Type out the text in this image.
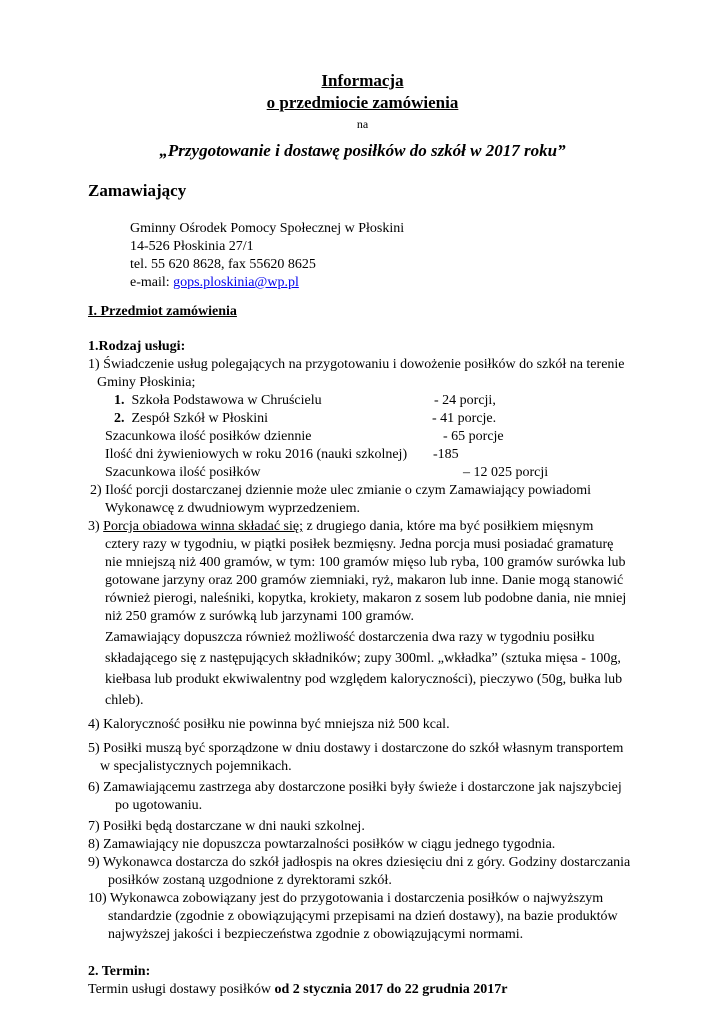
Informacja
o przedmiocie zamówienia
na
„Przygotowanie i dostawę posiłków do szkół w 2017 roku”
Zamawiający
Gminny Ośrodek Pomocy Społecznej w Płoskini
14-526 Płoskinia 27/1
tel. 55 620 8628, fax 55620 8625
e-mail: gops.ploskinia@wp.pl
I. Przedmiot zamówienia
1.Rodzaj usługi:
1) Świadczenie usług polegających na przygotowaniu i dowożenie posiłków do szkół na terenie
Gminy Płoskinia;
1. Szkoła Podstawowa w Chruścielu	- 24 porcji,
2. Zespół Szkół w Płoskini	- 41 porcje.
Szacunkowa ilość posiłków dziennie	- 65 porcje
Ilość dni żywieniowych w roku 2016 (nauki szkolnej) -185
Szacunkowa ilość posiłków	– 12 025 porcji
2) Ilość porcji dostarczanej dziennie może ulec zmianie o czym Zamawiający powiadomi
Wykonawcę z dwudniowym wyprzedzeniem.
3) Porcja obiadowa winna składać się; z drugiego dania, które ma być posiłkiem mięsnym
cztery razy w tygodniu, w piątki posiłek bezmięsny. Jedna porcja musi posiadać gramaturę
nie mniejszą niż 400 gramów, w tym: 100 gramów mięso lub ryba, 100 gramów surówka lub
gotowane jarzyny oraz 200 gramów ziemniaki, ryż, makaron lub inne. Danie mogą stanowić
również pierogi, naleśniki, kopytka, krokiety, makaron z sosem lub podobne dania, nie mniej
niż 250 gramów z surówką lub jarzynami 100 gramów.
Zamawiający dopuszcza również możliwość dostarczenia dwa razy w tygodniu posiłku
składającego się z następujących składników; zupy 300ml. „wkładka” (sztuka mięsa - 100g,
kiełbasa lub produkt ekwiwalentny pod względem kaloryczności), pieczywo (50g, bułka lub
chleb).
4) Kaloryczność posiłku nie powinna być mniejsza niż 500 kcal.
5) Posiłki muszą być sporządzone w dniu dostawy i dostarczone do szkół własnym transportem
w specjalistycznych pojemnikach.
6) Zamawiającemu zastrzega aby dostarczone posiłki były świeże i dostarczone jak najszybciej
po ugotowaniu.
7) Posiłki będą dostarczane w dni nauki szkolnej.
8) Zamawiający nie dopuszcza powtarzalności posiłków w ciągu jednego tygodnia.
9) Wykonawca dostarcza do szkół jadłospis na okres dziesięciu dni z góry. Godziny dostarczania
posiłków zostaną uzgodnione z dyrektorami szkół.
10) Wykonawca zobowiązany jest do przygotowania i dostarczenia posiłków o najwyższym
standardzie (zgodnie z obowiązującymi przepisami na dzień dostawy), na bazie produktów
najwyższej jakości i bezpieczeństwa zgodnie z obowiązującymi normami.
2. Termin:
Termin usługi dostawy posiłków od 2 stycznia 2017 do 22 grudnia 2017r
